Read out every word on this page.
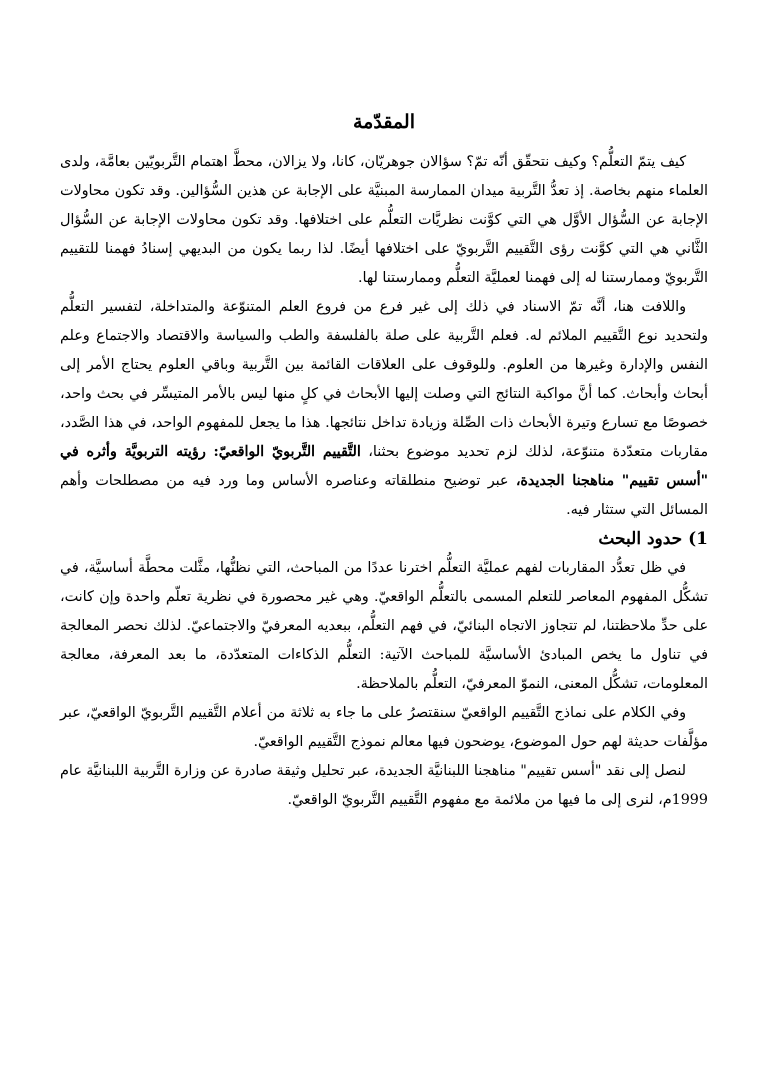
المقدّمة

كيف يتمّ التعلُّم؟ وكيف نتحقّق أنّه تمّ؟ سؤالان جوهريّان، كانا، ولا يزالان، محطَّ اهتمام التَّربويّين بعامَّة، ولدى العلماء منهم بخاصة. إذ تعدُّ التَّربية ميدان الممارسة المبنيَّة على الإجابة عن هذين السُّؤالين. وقد تكون محاولات الإجابة عن السُّؤال الأوَّل هي التي كوَّنت نظريَّات التعلُّم على اختلافها. وقد تكون محاولات الإجابة عن السُّؤال الثَّاني هي التي كوَّنت رؤى التَّقييم التَّربويّ على اختلافها أيضًا. لذا ربما يكون من البديهي إسنادُ فهمنا للتقييم التَّربويّ وممارستنا له إلى فهمنا لعمليَّة التعلُّم وممارستنا لها.

واللافت هنا، أنَّه تمّ الاسناد في ذلك إلى غير فرع من فروع العلم المتنوّعة والمتداخلة، لتفسير التعلُّم ولتحديد نوع التَّقييم الملائم له. فعلم التَّربية على صلة بالفلسفة والطب والسياسة والاقتصاد والاجتماع وعلم النفس والإدارة وغيرها من العلوم. وللوقوف على العلاقات القائمة بين التَّربية وباقي العلوم يحتاج الأمر إلى أبحاث وأبحاث. كما أنَّ مواكبة النتائج التي وصلت إليها الأبحاث في كلٍ منها ليس بالأمر المتيسِّر في بحث واحد، خصوصًا مع تسارع وتيرة الأبحاث ذات الصِّلة وزيادة تداخل نتائجها. هذا ما يجعل للمفهوم الواحد، في هذا الصَّدد، مقاربات متعدّدة متنوّعة، لذلك لزم تحديد موضوع بحثنا، التَّقييم التَّربويّ الواقعيّ: رؤيته التربويَّة وأثره في "أسس تقييم" مناهجنا الجديدة، عبر توضيح منطلقاته وعناصره الأساس وما ورد فيه من مصطلحات وأهم المسائل التي ستثار فيه.

1) حدود البحث

في ظل تعدُّد المقاربات لفهم عمليَّة التعلُّم اخترنا عددًا من المباحث، التي نظنُّها، مثَّلت محطَّة أساسيَّة، في تشكُّل المفهوم المعاصر للتعلم المسمى بالتعلُّم الواقعيّ. وهي غير محصورة في نظرية تعلّم واحدة وإن كانت، على حدِّ ملاحظتنا، لم تتجاوز الاتجاه البنائيّ، في فهم التعلُّم، ببعديه المعرفيّ والاجتماعيّ. لذلك نحصر المعالجة في تناول ما يخص المبادئ الأساسيَّة للمباحث الآتية: التعلُّم الذكاءات المتعدّدة، ما بعد المعرفة، معالجة المعلومات، تشكُّل المعنى، النموّ المعرفيّ، التعلُّم بالملاحظة.

وفي الكلام على نماذج التَّقييم الواقعيّ سنقتصرُ على ما جاء به ثلاثة من أعلام التَّقييم التَّربويّ الواقعيّ، عبر مؤلَّفات حديثة لهم حول الموضوع، يوضحون فيها معالم نموذج التَّقييم الواقعيّ.

لنصل إلى نقد "أسس تقييم" مناهجنا اللبنانيَّة الجديدة، عبر تحليل وثيقة صادرة عن وزارة التَّربية اللبنانيَّة عام 1999م، لنرى إلى ما فيها من ملائمة مع مفهوم التَّقييم التَّربويّ الواقعيّ.
